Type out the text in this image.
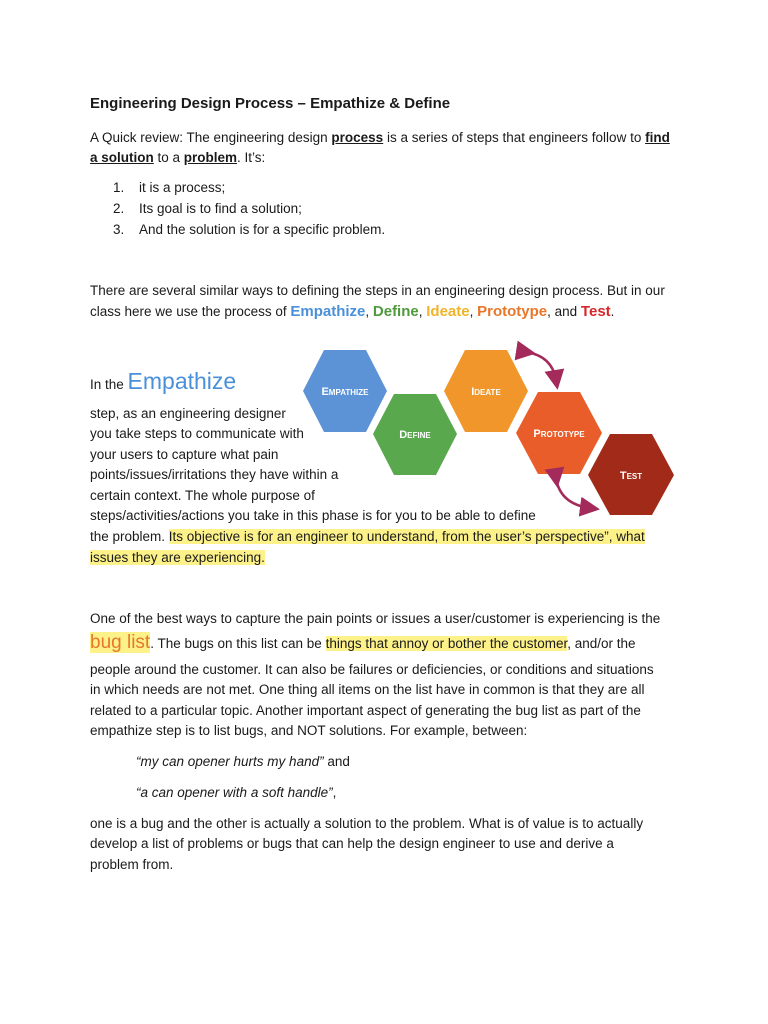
Engineering Design Process – Empathize & Define
A Quick review: The engineering design process is a series of steps that engineers follow to find
a solution to a problem. It’s:
1. it is a process;
2. Its goal is to find a solution;
3. And the solution is for a specific problem.
There are several similar ways to defining the steps in an engineering design process. But in our
class here we use the process of Empathize, Define, Ideate, Prototype, and Test.
In the Empathize
step, as an engineering designer
you take steps to communicate with
your users to capture what pain
points/issues/irritations they have within a
certain context. The whole purpose of
steps/activities/actions you take in this phase is for you to be able to define
the problem. Its objective is for an engineer to understand, from the user’s perspective”, what
issues they are experiencing.
Empathize
Define
Ideate
Prototype
Test
One of the best ways to capture the pain points or issues a user/customer is experiencing is the
bug list. The bugs on this list can be things that annoy or bother the customer, and/or the
people around the customer. It can also be failures or deficiencies, or conditions and situations
in which needs are not met. One thing all items on the list have in common is that they are all
related to a particular topic. Another important aspect of generating the bug list as part of the
empathize step is to list bugs, and NOT solutions. For example, between:
“my can opener hurts my hand” and
“a can opener with a soft handle”,
one is a bug and the other is actually a solution to the problem. What is of value is to actually
develop a list of problems or bugs that can help the design engineer to use and derive a
problem from.
